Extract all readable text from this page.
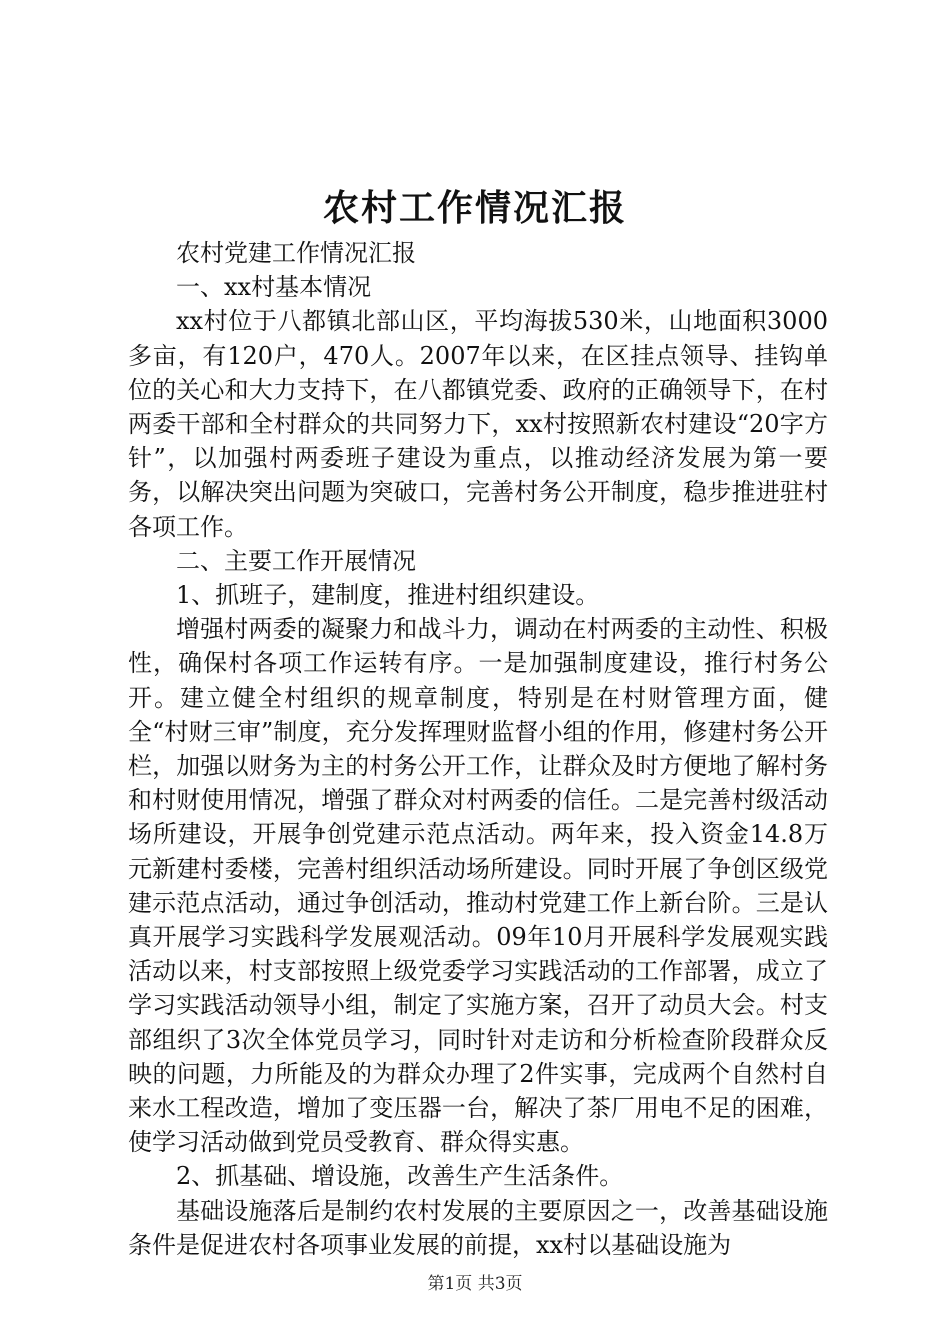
农村工作情况汇报

农村党建工作情况汇报

一、xx村基本情况

xx村位于八都镇北部山区，平均海拔530米，山地面积3000多亩，有120户，470人。2007年以来，在区挂点领导、挂钩单位的关心和大力支持下，在八都镇党委、政府的正确领导下，在村两委干部和全村群众的共同努力下，xx村按照新农村建设“20字方针”，以加强村两委班子建设为重点，以推动经济发展为第一要务，以解决突出问题为突破口，完善村务公开制度，稳步推进驻村各项工作。

二、主要工作开展情况

1、抓班子，建制度，推进村组织建设。

增强村两委的凝聚力和战斗力，调动在村两委的主动性、积极性，确保村各项工作运转有序。一是加强制度建设，推行村务公开。建立健全村组织的规章制度，特别是在村财管理方面，健全“村财三审”制度，充分发挥理财监督小组的作用，修建村务公开栏，加强以财务为主的村务公开工作，让群众及时方便地了解村务和村财使用情况，增强了群众对村两委的信任。二是完善村级活动场所建设，开展争创党建示范点活动。两年来，投入资金14.8万元新建村委楼，完善村组织活动场所建设。同时开展了争创区级党建示范点活动，通过争创活动，推动村党建工作上新台阶。三是认真开展学习实践科学发展观活动。09年10月开展科学发展观实践活动以来，村支部按照上级党委学习实践活动的工作部署，成立了学习实践活动领导小组，制定了实施方案，召开了动员大会。村支部组织了3次全体党员学习，同时针对走访和分析检查阶段群众反映的问题，力所能及的为群众办理了2件实事，完成两个自然村自来水工程改造，增加了变压器一台，解决了茶厂用电不足的困难，使学习活动做到党员受教育、群众得实惠。

2、抓基础、增设施，改善生产生活条件。

基础设施落后是制约农村发展的主要原因之一，改善基础设施条件是促进农村各项事业发展的前提，xx村以基础设施为

第1页 共3页
